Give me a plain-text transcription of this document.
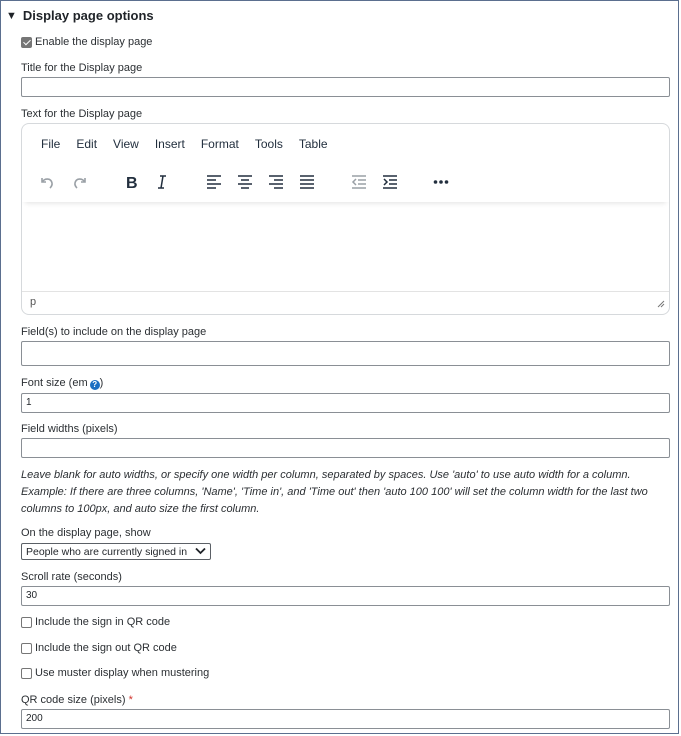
▼ Display page options
Enable the display page
Title for the Display page
Text for the Display page
File Edit View Insert Format Tools Table
B
p
Field(s) to include on the display page
Font size (em ? )
1
Field widths (pixels)
Leave blank for auto widths, or specify one width per column, separated by spaces. Use 'auto' to use auto width for a column. Example: If there are three columns, 'Name', 'Time in', and 'Time out' then 'auto 100 100' will set the column width for the last two columns to 100px, and auto size the first column.
On the display page, show
People who are currently signed in
Scroll rate (seconds)
30
Include the sign in QR code
Include the sign out QR code
Use muster display when mustering
QR code size (pixels) *
200
